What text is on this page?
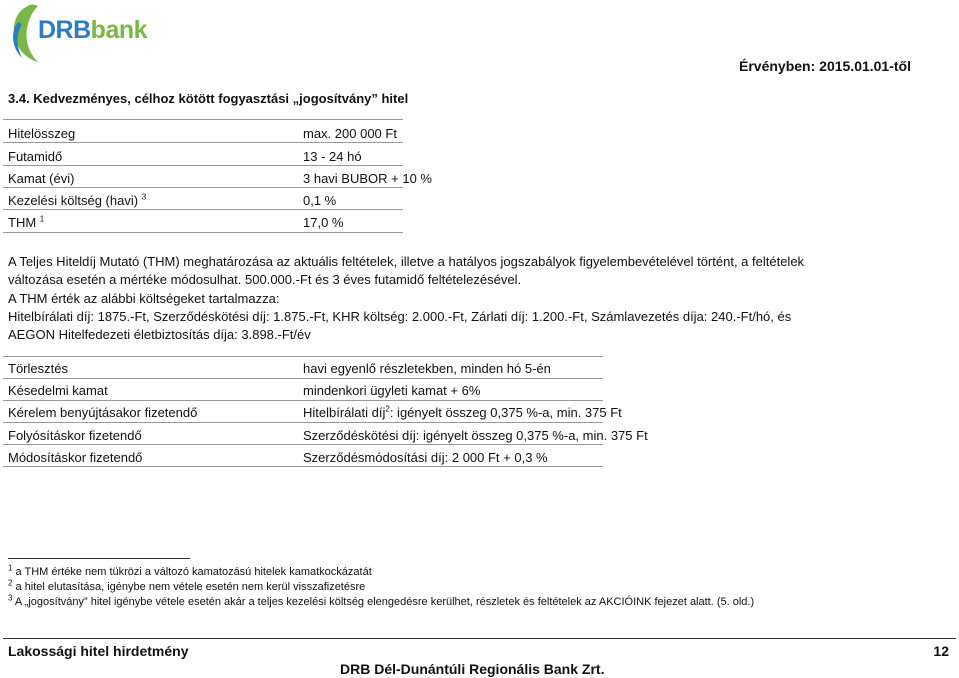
DRBbank
Érvényben: 2015.01.01-től
3.4. Kedvezményes, célhoz kötött fogyasztási „jogosítvány” hitel
Hitelösszeg	max. 200 000 Ft
Futamidő	13 - 24 hó
Kamat (évi)	3 havi BUBOR + 10 %
Kezelési költség (havi) $^3$	0,1 %
THM $^1$	17,0 %
A Teljes Hiteldíj Mutató (THM) meghatározása az aktuális feltételek, illetve a hatályos jogszabályok figyelembevételével történt, a feltételek
változása esetén a mértéke módosulhat. 500.000.-Ft és 3 éves futamidő feltételezésével.
A THM érték az alábbi költségeket tartalmazza:
Hitelbírálati díj: 1875.-Ft, Szerződéskötési díj: 1.875.-Ft, KHR költség: 2.000.-Ft, Zárlati díj: 1.200.-Ft, Számlavezetés díja: 240.-Ft/hó, és
AEGON Hitelfedezeti életbiztosítás díja: 3.898.-Ft/év
Törlesztés	havi egyenlő részletekben, minden hó 5-én
Késedelmi kamat	mindenkori ügyleti kamat + 6%
Kérelem benyújtásakor fizetendő	Hitelbírálati díj$^2$: igényelt összeg 0,375 %-a, min. 375 Ft
Folyósításkor fizetendő	Szerződéskötési díj: igényelt összeg 0,375 %-a, min. 375 Ft
Módosításkor fizetendő	Szerződésmódosítási díj: 2 000 Ft + 0,3 %
$^1$ a THM értéke nem tükrözi a változó kamatozású hitelek kamatkockázatát
$^2$ a hitel elutasítása, igénybe nem vétele esetén nem kerül visszafizetésre
$^3$ A „jogosítvány” hitel igénybe vétele esetén akár a teljes kezelési költség elengedésre kerülhet, részletek és feltételek az AKCIÓINK fejezet alatt. (5. old.)
Lakossági hitel hirdetmény	12
DRB Dél-Dunántúli Regionális Bank Zrt.
